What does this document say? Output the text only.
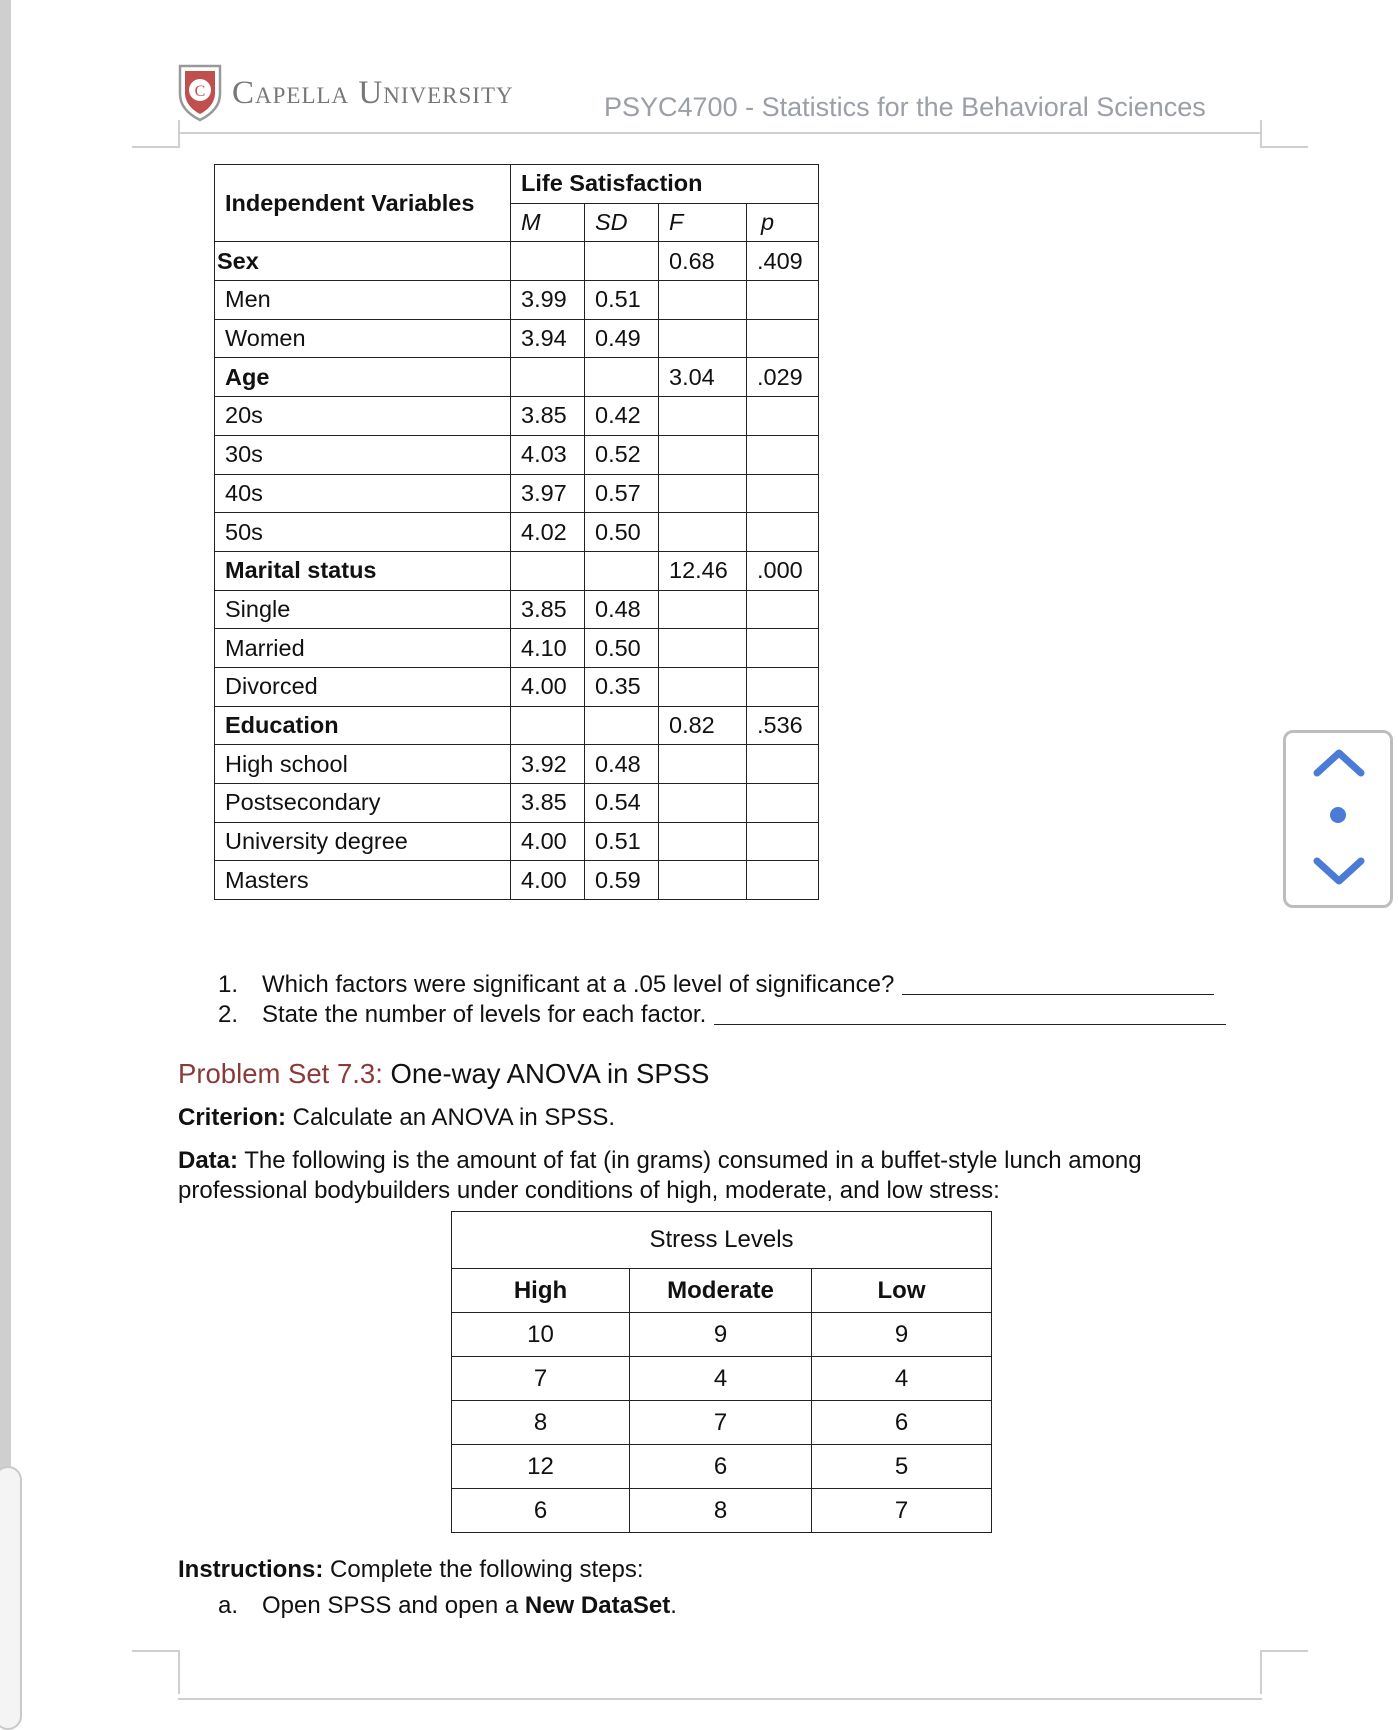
C Capella University	PSYC4700 - Statistics for the Behavioral Sciences
Independent Variables	Life Satisfaction			
	M	SD	F	p
Sex			0.68	.409
Men	3.99	0.51		
Women	3.94	0.49		
Age			3.04	.029
20s	3.85	0.42		
30s	4.03	0.52		
40s	3.97	0.57		
50s	4.02	0.50		
Marital status			12.46	.000
Single	3.85	0.48		
Married	4.10	0.50		
Divorced	4.00	0.35		
Education			0.82	.536
High school	3.92	0.48		
Postsecondary	3.85	0.54		
University degree	4.00	0.51		
Masters	4.00	0.59		
1. Which factors were significant at a .05 level of significance?
2. State the number of levels for each factor.
Problem Set 7.3: One-way ANOVA in SPSS
Criterion: Calculate an ANOVA in SPSS.
Data: The following is the amount of fat (in grams) consumed in a buffet-style lunch among professional bodybuilders under conditions of high, moderate, and low stress:
Stress Levels		
High	Moderate	Low
10	9	9
7	4	4
8	7	6
12	6	5
6	8	7
Instructions: Complete the following steps:
a. Open SPSS and open a New DataSet.
